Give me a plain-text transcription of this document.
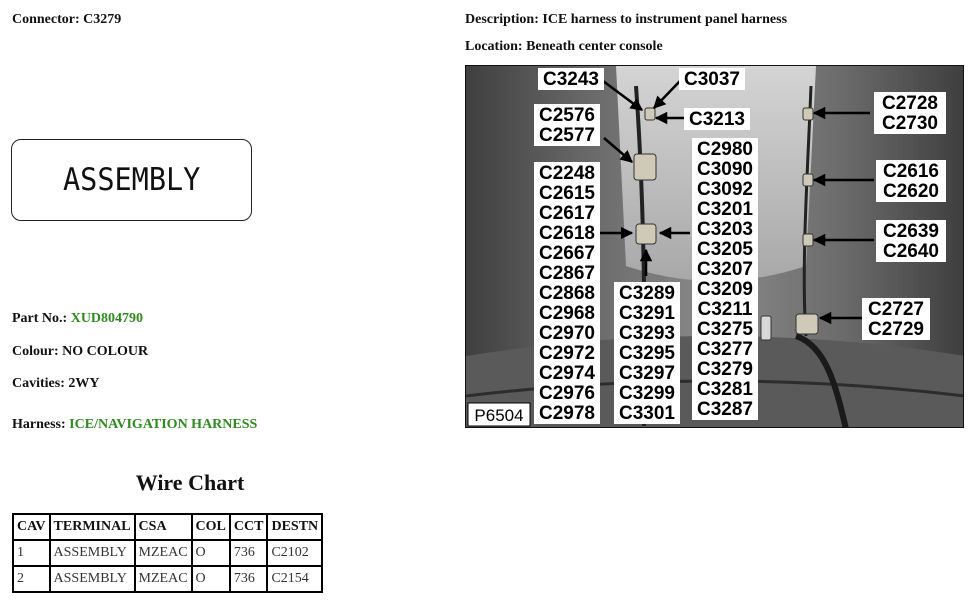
Connector: C3279	Description: ICE harness to instrument panel harness
Location: Beneath center console
ASSEMBLY
Part No.: XUD804790
Colour: NO COLOUR
Cavities: 2WY
Harness: ICE/NAVIGATION HARNESS
Wire Chart
CAV	TERMINAL	CSA	COL	CCT	DESTN
1	ASSEMBLY	MZEAC	O	736	C2102
2	ASSEMBLY	MZEAC	O	736	C2154
C3243	C3037
C3213
C2576
C2577
C2248
C2615
C2617
C2618
C2667
C2867
C2868
C2968
C2970
C2972
C2974
C2976
C2978
C3289
C3291
C3293
C3295
C3297
C3299
C3301
C2980
C3090
C3092
C3201
C3203
C3205
C3207
C3209
C3211
C3275
C3277
C3279
C3281
C3287
C2728
C2730
C2616
C2620
C2639
C2640
C2727
C2729
P6504
